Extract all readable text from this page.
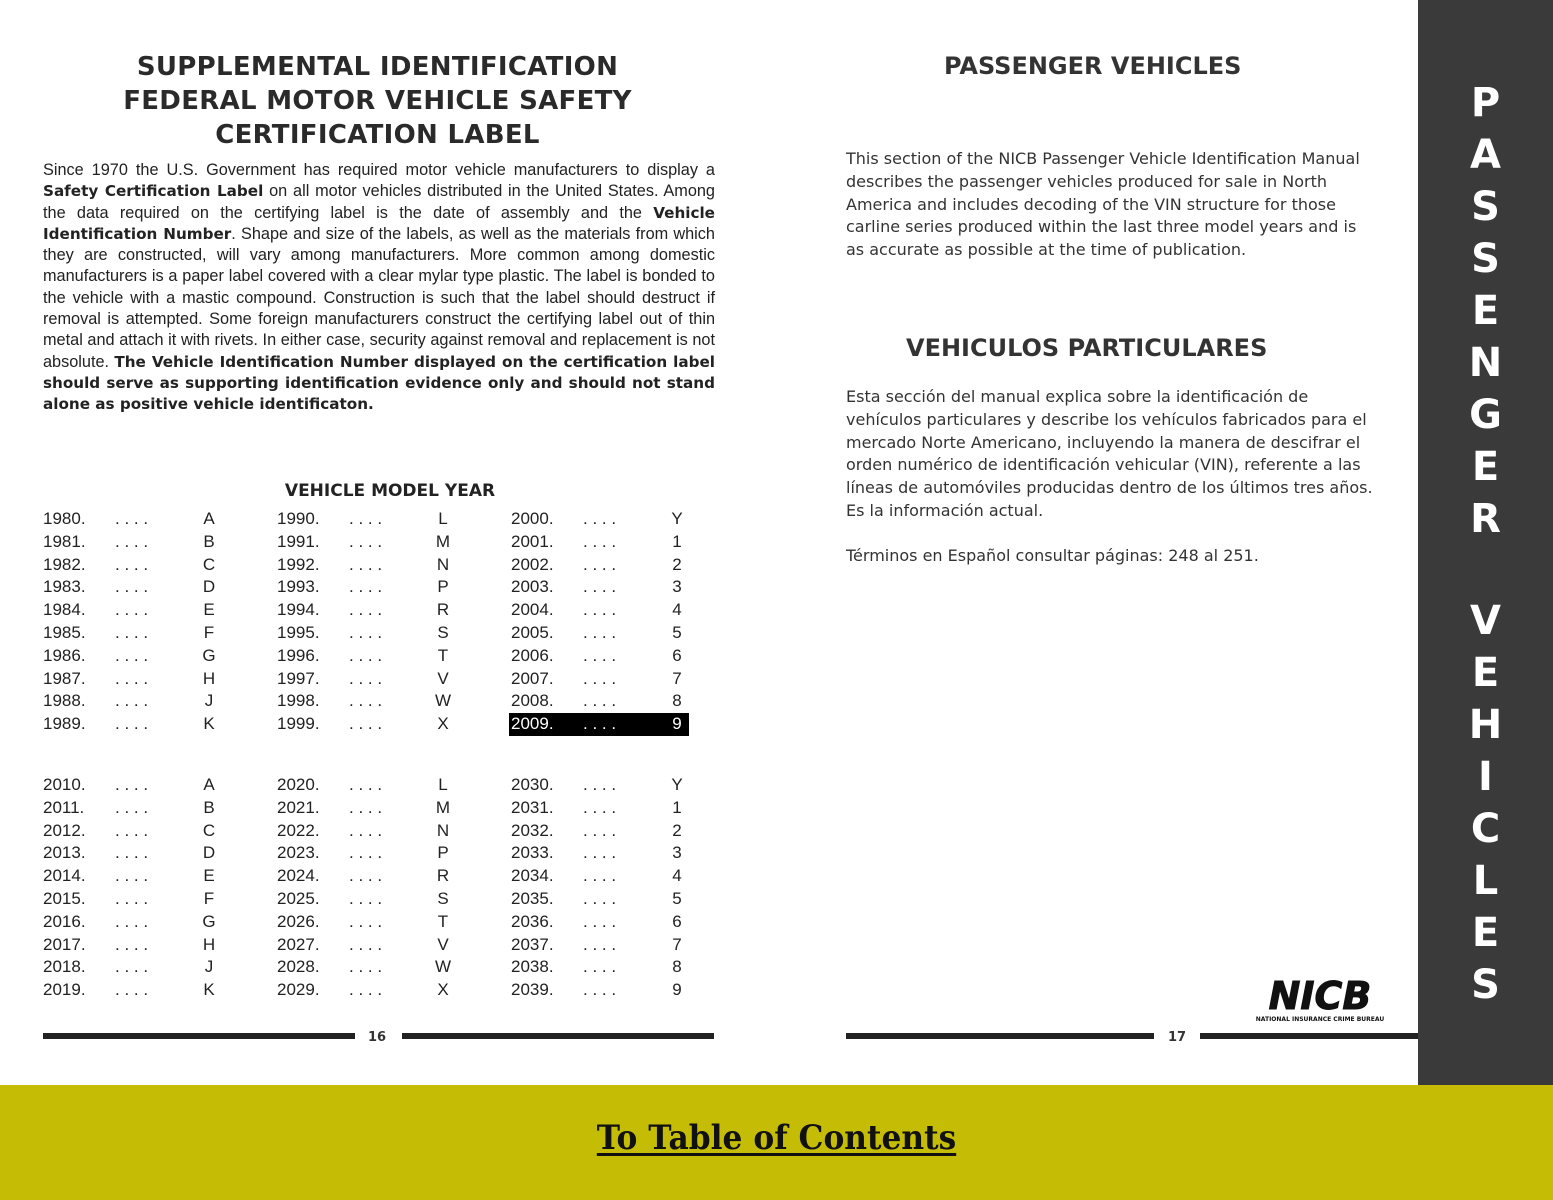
SUPPLEMENTAL IDENTIFICATION
FEDERAL MOTOR VEHICLE SAFETY
CERTIFICATION LABEL
Since 1970 the U.S. Government has required motor vehicle manufacturers to display a Safety Certification Label on all motor vehicles distributed in the United States. Among the data required on the certifying label is the date of assembly and the Vehicle Identification Number. Shape and size of the labels, as well as the materials from which they are constructed, will vary among manufacturers. More common among domestic manufacturers is a paper label covered with a clear mylar type plastic. The label is bonded to the vehicle with a mastic compound. Construction is such that the label should destruct if removal is attempted. Some foreign manufacturers construct the certifying label out of thin metal and attach it with rivets. In either case, security against removal and replacement is not absolute. The Vehicle Identification Number displayed on the certification label should serve as supporting identification evidence only and should not stand alone as positive vehicle identificaton.
VEHICLE MODEL YEAR
1980. . . . .	A
1981. . . . .	B
1982. . . . .	C
1983. . . . .	D
1984. . . . .	E
1985. . . . .	F
1986. . . . .	G
1987. . . . .	H
1988. . . . .	J
1989. . . . .	K
1990. . . . .	L
1991. . . . .	M
1992. . . . .	N
1993. . . . .	P
1994. . . . .	R
1995. . . . .	S
1996. . . . .	T
1997. . . . .	V
1998. . . . .	W
1999. . . . .	X
2000. . . . .	Y
2001. . . . .	1
2002. . . . .	2
2003. . . . .	3
2004. . . . .	4
2005. . . . .	5
2006. . . . .	6
2007. . . . .	7
2008. . . . .	8
2009. . . . .	9
2010. . . . .	A
2011. . . . .	B
2012. . . . .	C
2013. . . . .	D
2014. . . . .	E
2015. . . . .	F
2016. . . . .	G
2017. . . . .	H
2018. . . . .	J
2019. . . . .	K
2020. . . . .	L
2021. . . . .	M
2022. . . . .	N
2023. . . . .	P
2024. . . . .	R
2025. . . . .	S
2026. . . . .	T
2027. . . . .	V
2028. . . . .	W
2029. . . . .	X
2030. . . . .	Y
2031. . . . .	1
2032. . . . .	2
2033. . . . .	3
2034. . . . .	4
2035. . . . .	5
2036. . . . .	6
2037. . . . .	7
2038. . . . .	8
2039. . . . .	9
16
PASSENGER VEHICLES
This section of the NICB Passenger Vehicle Identification Manual describes the passenger vehicles produced for sale in North America and includes decoding of the VIN structure for those carline series produced within the last three model years and is as accurate as possible at the time of publication.
VEHICULOS PARTICULARES
Esta sección del manual explica sobre la identificación de vehículos particulares y describe los vehículos fabricados para el mercado Norte Americano, incluyendo la manera de descifrar el orden numérico de identificación vehicular (VIN), referente a las líneas de automóviles producidas dentro de los últimos tres años. Es la información actual.
Términos en Español consultar páginas: 248 al 251.
NICB
NATIONAL INSURANCE CRIME BUREAU
17
P
A
S
S
E
N
G
E
R
V
E
H
I
C
L
E
S
To Table of Contents
